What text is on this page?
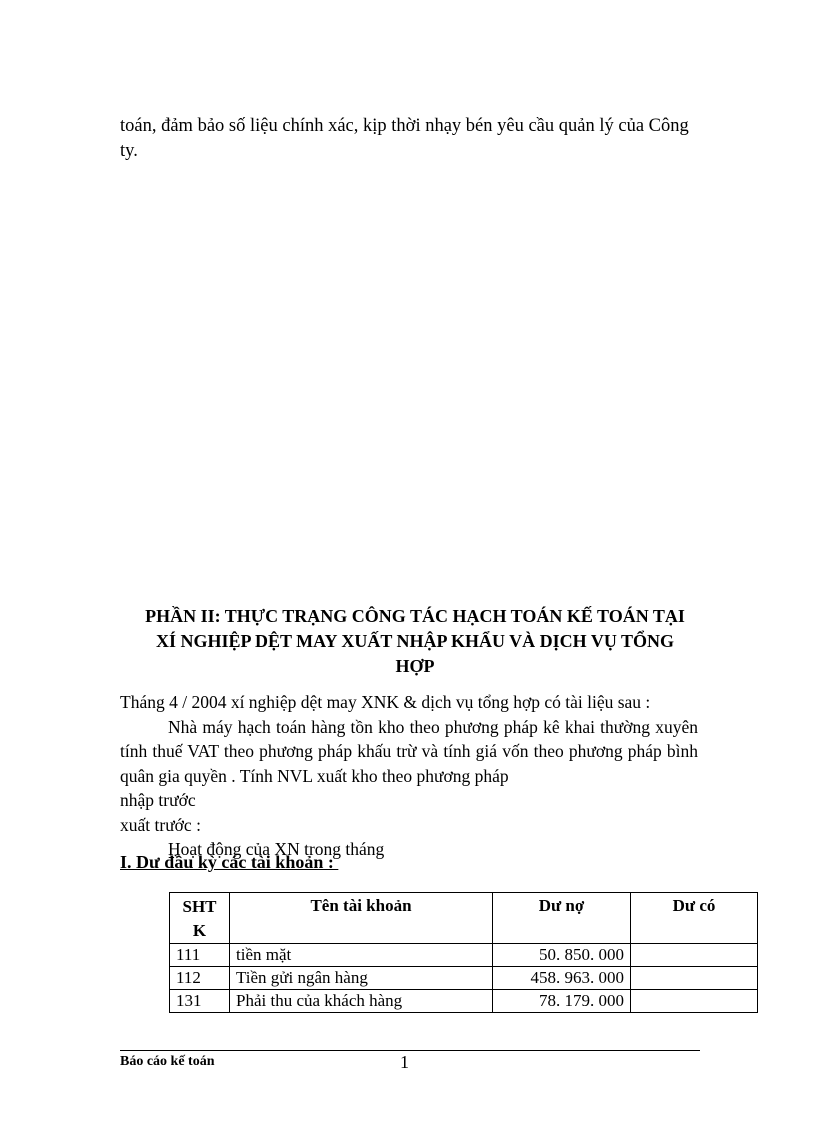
toán, đảm bảo số liệu chính xác, kịp thời nhạy bén yêu cầu quản lý của Công
ty.
PHẦN II: THỰC TRẠNG CÔNG TÁC HẠCH TOÁN KẾ TOÁN TẠI
XÍ NGHIỆP DỆT MAY XUẤT NHẬP KHẨU VÀ DỊCH VỤ TỔNG
HỢP

Tháng 4 / 2004 xí nghiệp dệt may XNK & dịch vụ tổng hợp có tài liệu sau :

Nhà máy hạch toán hàng tồn kho theo phương pháp kê khai thường xuyên tính thuế VAT theo phương pháp khấu trừ và tính giá vốn theo phương pháp bình quân gia quyền . Tính NVL xuất kho theo phương pháp

nhập trước

xuất trước :

Hoạt động của XN trong tháng

I. Dư đầu kỳ các tài khoản :
SHT
K	Tên tài khoản	Dư nợ	Dư có
111	tiền mặt	50. 850. 000	
112	Tiền gửi ngân hàng	458. 963. 000	
131	Phải thu của khách hàng	78. 179. 000	
Báo cáo kế toán	1
